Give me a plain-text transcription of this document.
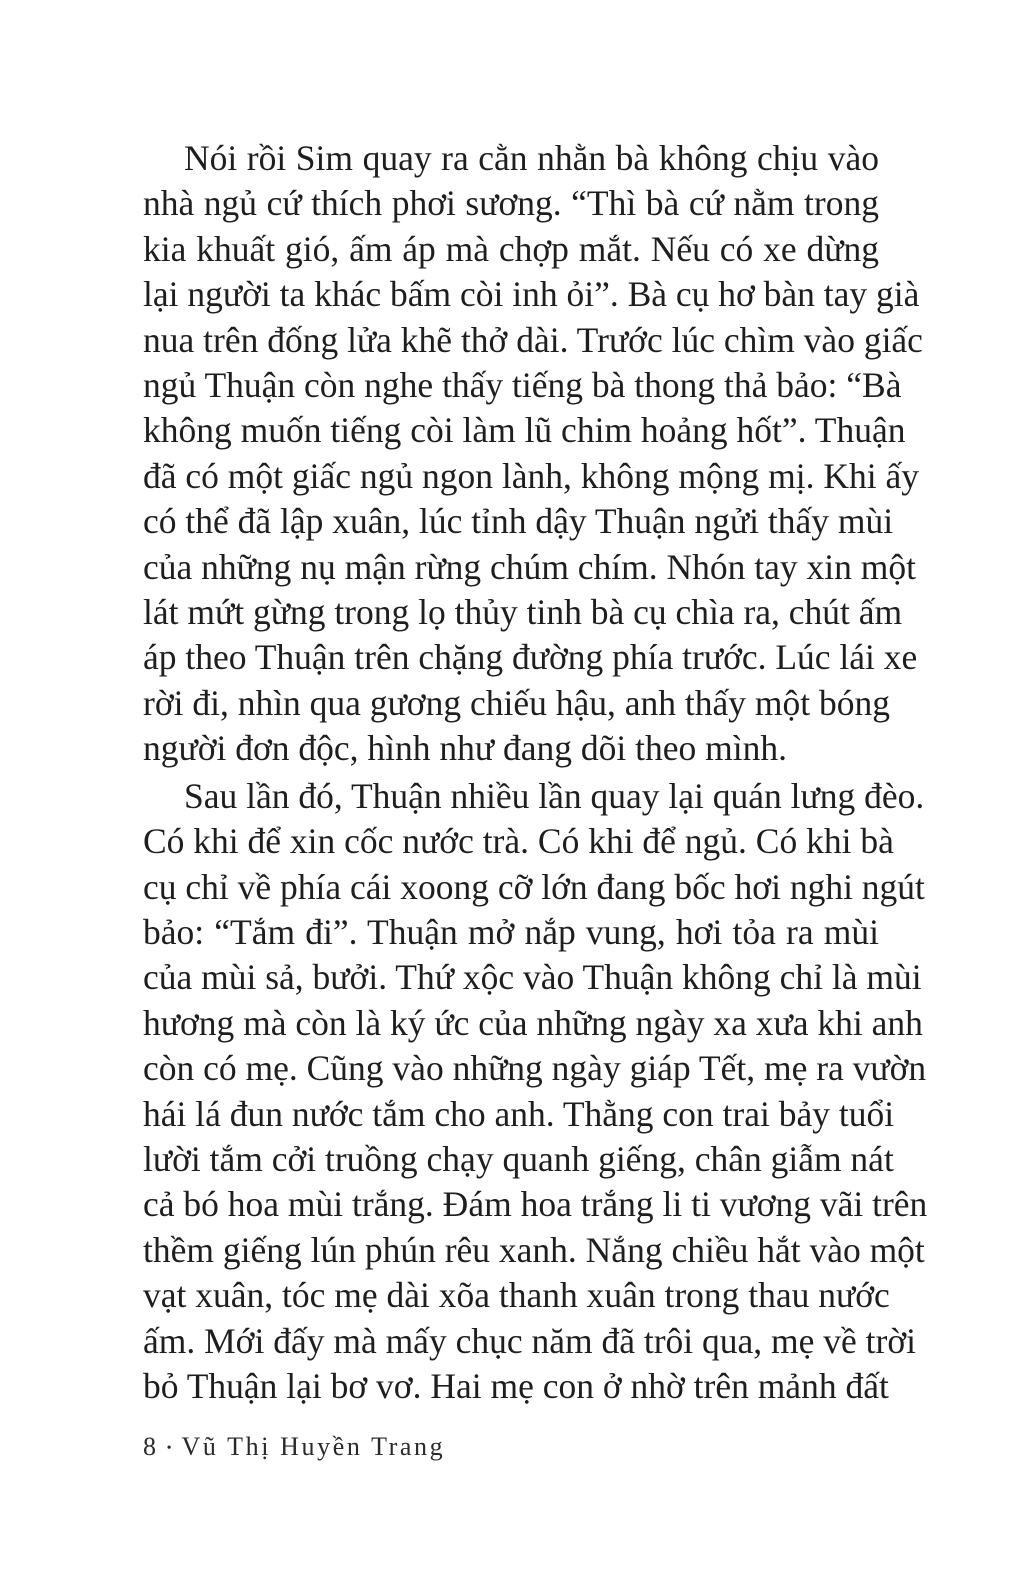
Nói rồi Sim quay ra cằn nhằn bà không chịu vào
nhà ngủ cứ thích phơi sương. “Thì bà cứ nằm trong
kia khuất gió, ấm áp mà chợp mắt. Nếu có xe dừng
lại người ta khác bấm còi inh ỏi”. Bà cụ hơ bàn tay già
nua trên đống lửa khẽ thở dài. Trước lúc chìm vào giấc
ngủ Thuận còn nghe thấy tiếng bà thong thả bảo: “Bà
không muốn tiếng còi làm lũ chim hoảng hốt”. Thuận
đã có một giấc ngủ ngon lành, không mộng mị. Khi ấy
có thể đã lập xuân, lúc tỉnh dậy Thuận ngửi thấy mùi
của những nụ mận rừng chúm chím. Nhón tay xin một
lát mứt gừng trong lọ thủy tinh bà cụ chìa ra, chút ấm
áp theo Thuận trên chặng đường phía trước. Lúc lái xe
rời đi, nhìn qua gương chiếu hậu, anh thấy một bóng
người đơn độc, hình như đang dõi theo mình.
Sau lần đó, Thuận nhiều lần quay lại quán lưng đèo.
Có khi để xin cốc nước trà. Có khi để ngủ. Có khi bà
cụ chỉ về phía cái xoong cỡ lớn đang bốc hơi nghi ngút
bảo: “Tắm đi”. Thuận mở nắp vung, hơi tỏa ra mùi
của mùi sả, bưởi. Thứ xộc vào Thuận không chỉ là mùi
hương mà còn là ký ức của những ngày xa xưa khi anh
còn có mẹ. Cũng vào những ngày giáp Tết, mẹ ra vườn
hái lá đun nước tắm cho anh. Thằng con trai bảy tuổi
lười tắm cởi truồng chạy quanh giếng, chân giẫm nát
cả bó hoa mùi trắng. Đám hoa trắng li ti vương vãi trên
thềm giếng lún phún rêu xanh. Nắng chiều hắt vào một
vạt xuân, tóc mẹ dài xõa thanh xuân trong thau nước
ấm. Mới đấy mà mấy chục năm đã trôi qua, mẹ về trời
bỏ Thuận lại bơ vơ. Hai mẹ con ở nhờ trên mảnh đất
8 • Vũ Thị Huyền Trang
